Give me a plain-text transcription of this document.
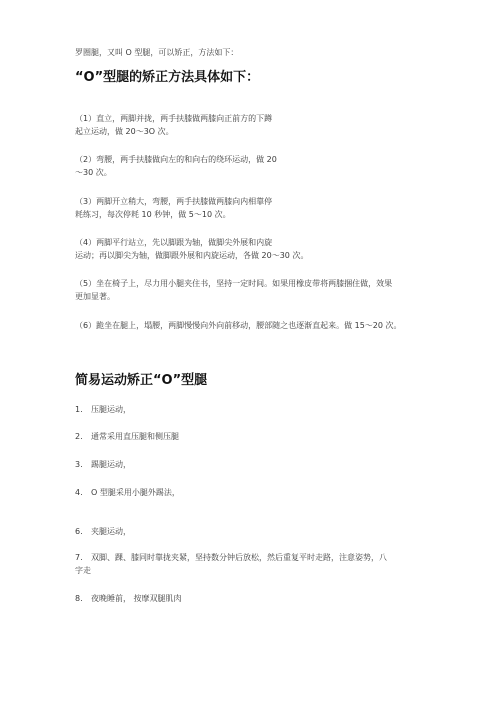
罗圈腿，又叫 O 型腿，可以矫正，方法如下：
“O”型腿的矫正方法具体如下：
（1）直立，两脚并拢，两手扶膝做两膝向正前方的下蹲
起立运动，做 20～3O 次。
（2）弯腰，两手扶膝做向左的和向右的绕环运动，做 20
～30 次。
（3）两脚开立稍大，弯腰，两手扶膝做两膝向内相靠停
耗练习，每次停耗 10 秒钟，做 5～10 次。
（4）两脚平行站立，先以脚跟为轴，做脚尖外展和内旋
运动；再以脚尖为轴，做脚跟外展和内旋运动，各做 20～30 次。
（5）坐在椅子上，尽力用小腿夹住书，坚持一定时间。如果用橡皮带将两膝捆住做，效果
更加显著。
（6）跪坐在腿上，塌腰，两脚慢慢向外向前移动，腰部随之也逐渐直起来。做 15～20 次。
简易运动矫正“O”型腿
1. 压腿运动，
2. 通常采用直压腿和侧压腿
3. 踢腿运动，
4. O 型腿采用小腿外踢法，
6. 夹腿运动，
7. 双脚、踝、膝同时靠拢夹紧，坚持数分钟后放松，然后重复平时走路，注意姿势，八
字走
8. 夜晚睡前， 按摩双腿肌肉
